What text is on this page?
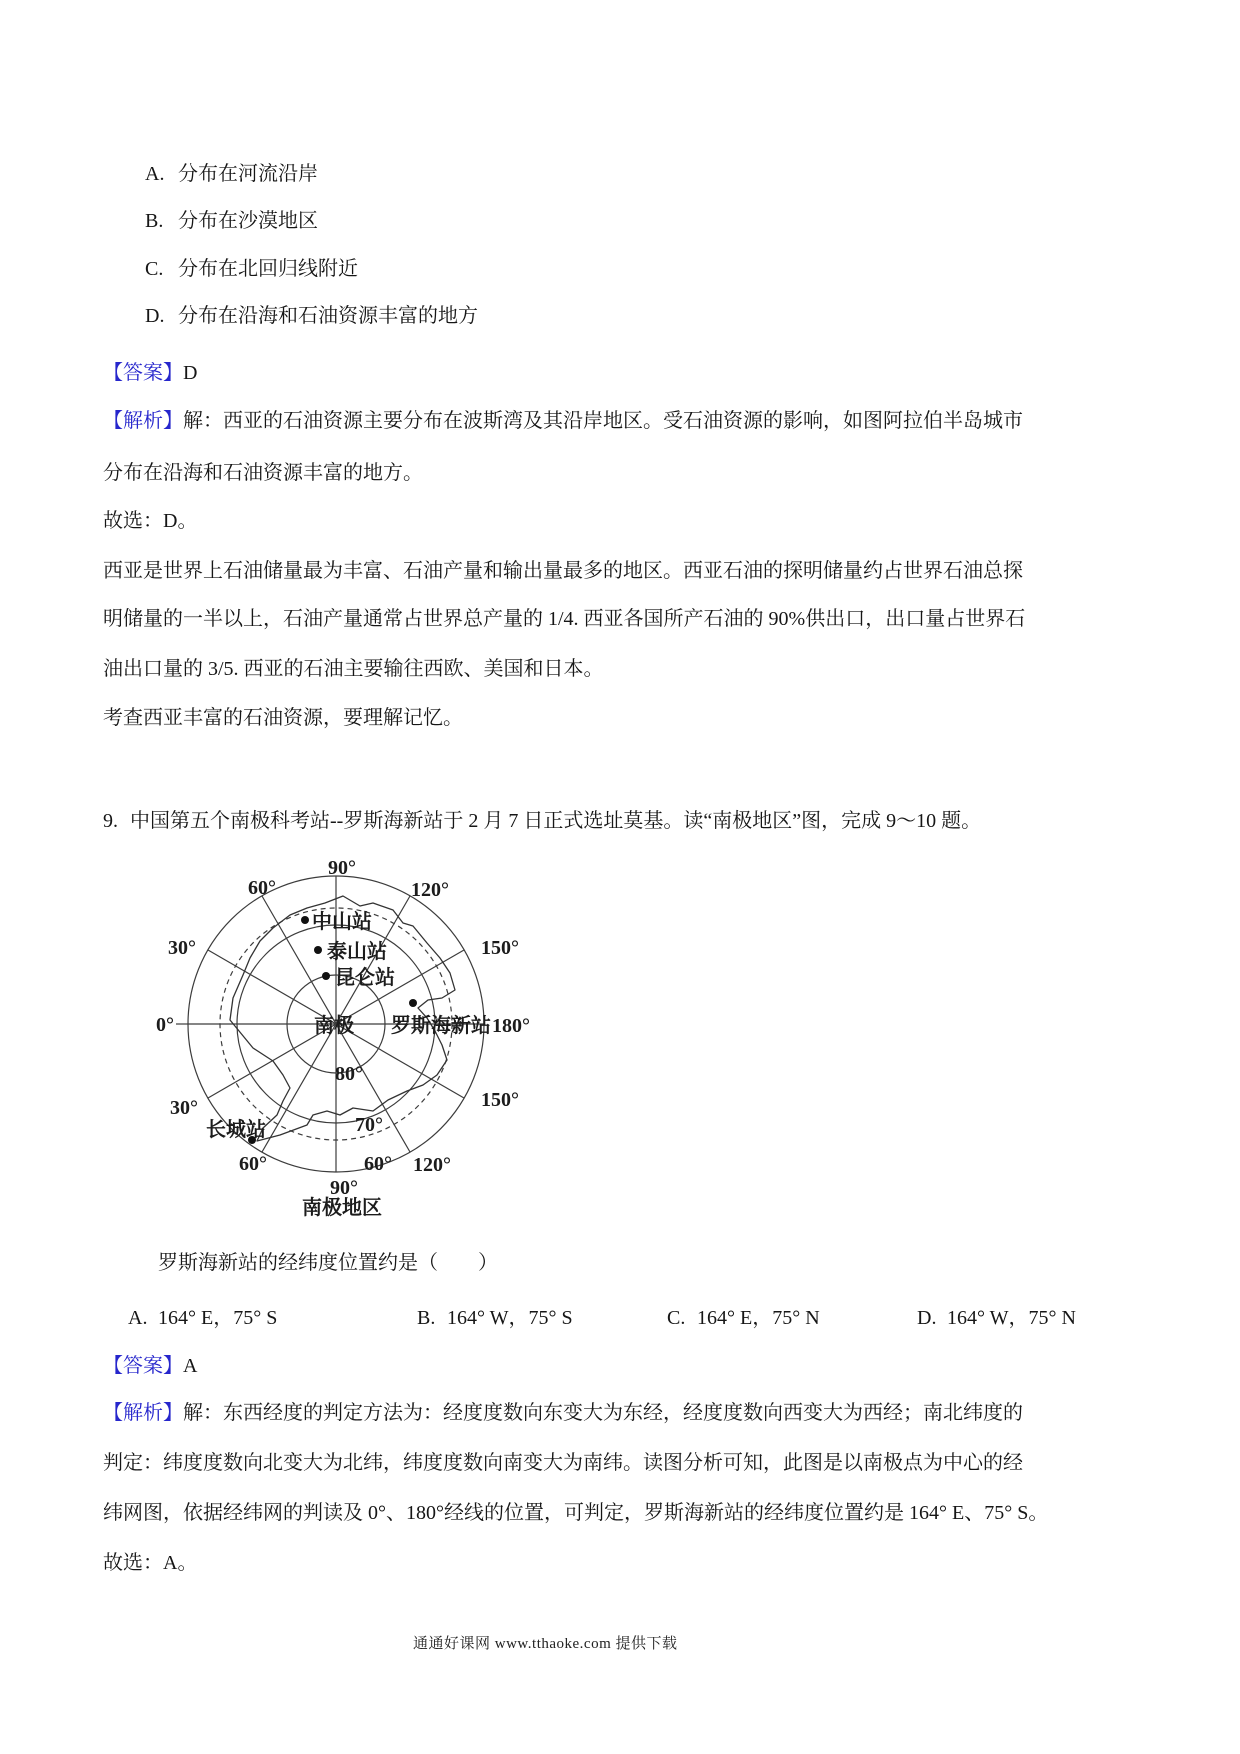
A. 分布在河流沿岸
B. 分布在沙漠地区
C. 分布在北回归线附近
D. 分布在沿海和石油资源丰富的地方
【答案】D
【解析】解：西亚的石油资源主要分布在波斯湾及其沿岸地区。受石油资源的影响，如图阿拉伯半岛城市
分布在沿海和石油资源丰富的地方。
故选：D。
西亚是世界上石油储量最为丰富、石油产量和输出量最多的地区。西亚石油的探明储量约占世界石油总探
明储量的一半以上，石油产量通常占世界总产量的 1/4. 西亚各国所产石油的 90%供出口，出口量占世界石
油出口量的 3/5. 西亚的石油主要输往西欧、美国和日本。
考查西亚丰富的石油资源，要理解记忆。
9. 中国第五个南极科考站--罗斯海新站于 2 月 7 日正式选址莫基。读“南极地区”图，完成 9～10 题。
90°
60°	120°
30°	150°
0°
30°	150°
60°	120°
90°
80°
70°
60°
中山站
泰山站
昆仑站
南极 罗斯海新站 180°
长城站
南极地区
罗斯海新站的经纬度位置约是（　　）
A. 164° E，75° S	B. 164° W，75° S	C. 164° E，75° N	D. 164° W，75° N
【答案】A
【解析】解：东西经度的判定方法为：经度度数向东变大为东经，经度度数向西变大为西经；南北纬度的
判定：纬度度数向北变大为北纬，纬度度数向南变大为南纬。读图分析可知，此图是以南极点为中心的经
纬网图，依据经纬网的判读及 0°、180°经线的位置，可判定，罗斯海新站的经纬度位置约是 164° E、75° S。
故选：A。
通通好课网 www.tthaoke.com 提供下载
